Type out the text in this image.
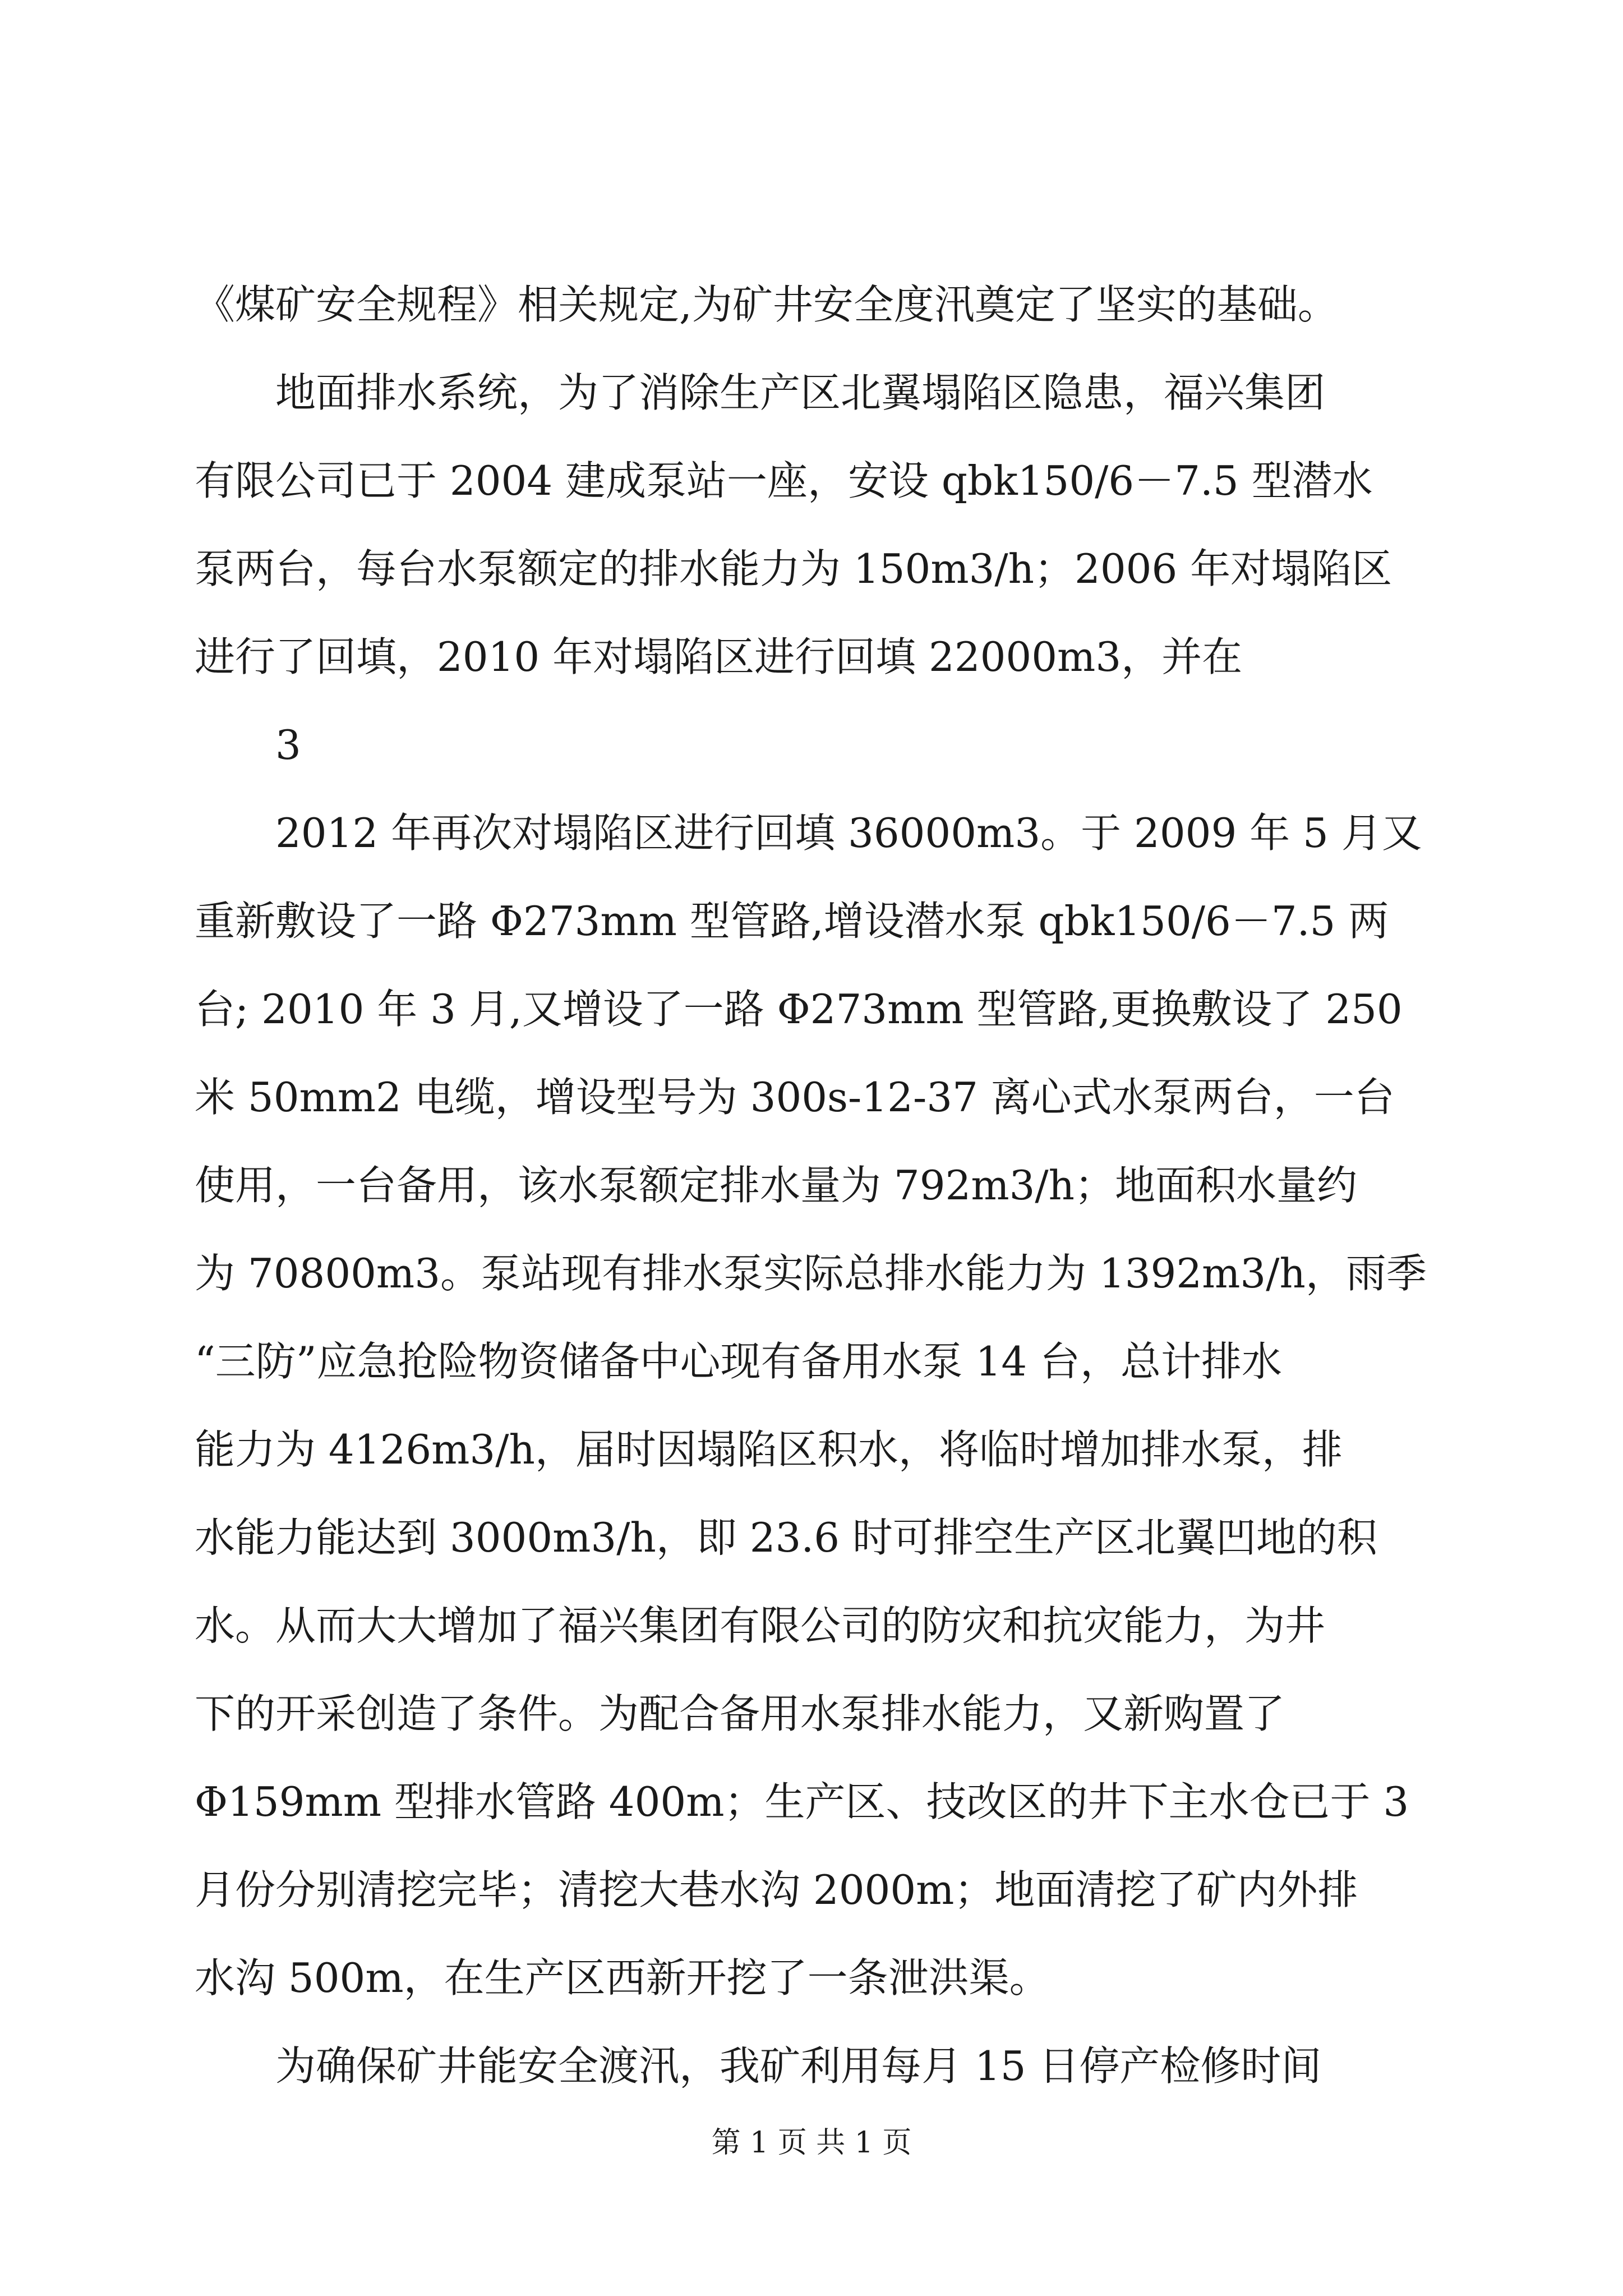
《煤矿安全规程》相关规定,为矿井安全度汛奠定了坚实的基础。
　　地面排水系统，为了消除生产区北翼塌陷区隐患，福兴集团
有限公司已于 2004 建成泵站一座，安设 qbk150/6－7.5 型潜水
泵两台，每台水泵额定的排水能力为 150m3/h；2006 年对塌陷区
进行了回填，2010 年对塌陷区进行回填 22000m3，并在
　　3
　　2012 年再次对塌陷区进行回填 36000m3。于 2009 年 5 月又
重新敷设了一路 Φ273mm 型管路,增设潜水泵 qbk150/6－7.5 两
台; 2010 年 3 月,又增设了一路 Φ273mm 型管路,更换敷设了 250
米 50mm2 电缆，增设型号为 300s-12-37 离心式水泵两台，一台
使用，一台备用，该水泵额定排水量为 792m3/h；地面积水量约
为 70800m3。泵站现有排水泵实际总排水能力为 1392m3/h，雨季
“三防”应急抢险物资储备中心现有备用水泵 14 台，总计排水
能力为 4126m3/h，届时因塌陷区积水，将临时增加排水泵，排
水能力能达到 3000m3/h，即 23.6 时可排空生产区北翼凹地的积
水。从而大大增加了福兴集团有限公司的防灾和抗灾能力，为井
下的开采创造了条件。为配合备用水泵排水能力，又新购置了
Φ159mm 型排水管路 400m；生产区、技改区的井下主水仓已于 3
月份分别清挖完毕；清挖大巷水沟 2000m；地面清挖了矿内外排
水沟 500m，在生产区西新开挖了一条泄洪渠。
　　为确保矿井能安全渡汛，我矿利用每月 15 日停产检修时间
第 1 页 共 1 页
